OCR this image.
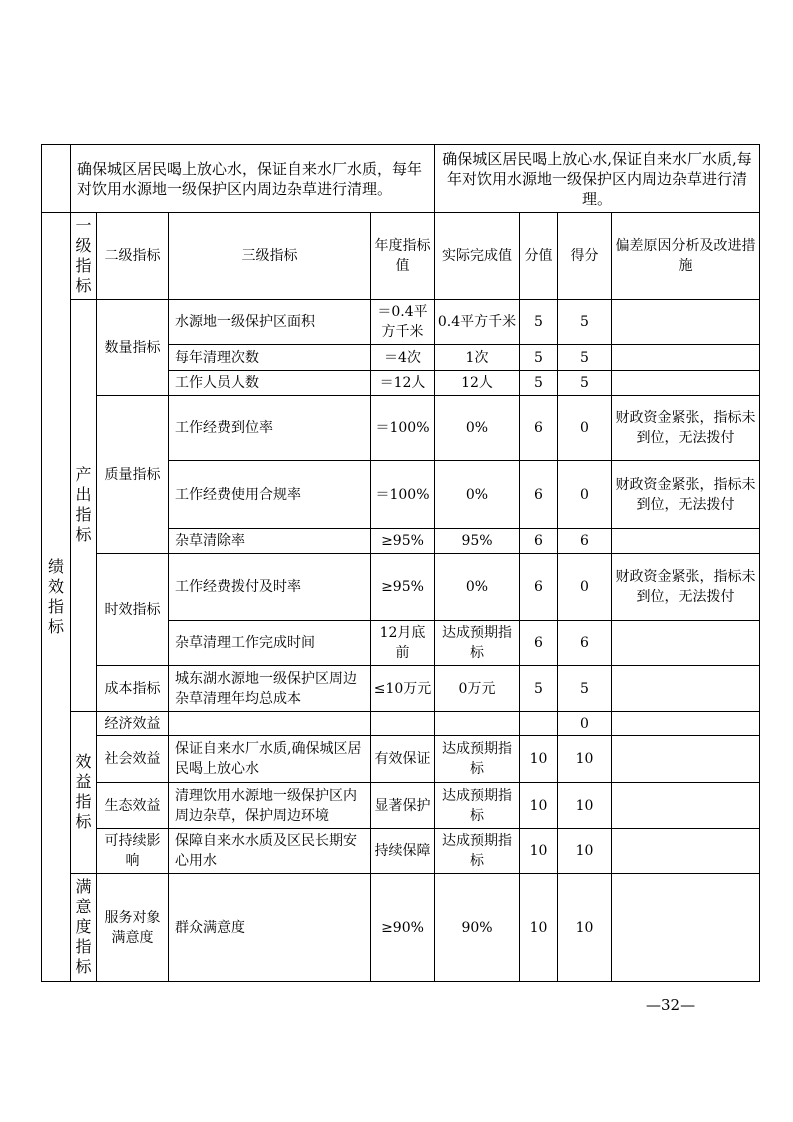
	确保城区居民喝上放心水，保证自来水厂水质，每年对饮用水源地一级保护区内周边杂草进行清理。				确保城区居民喝上放心水,保证自来水厂水质,每年对饮用水源地一级保护区内周边杂草进行清理。			
绩效指标	一级指标	二级指标	三级指标	年度指标值	实际完成值	分值	得分	偏差原因分析及改进措施
	产出指标	数量指标	水源地一级保护区面积	＝0.4平方千米	0.4平方千米	5	5	
			每年清理次数	＝4次	1次	5	5	
			工作人员人数	＝12人	12人	5	5	
		质量指标	工作经费到位率	＝100%	0%	6	0	财政资金紧张，指标未到位，无法拨付
			工作经费使用合规率	＝100%	0%	6	0	财政资金紧张，指标未到位，无法拨付
			杂草清除率	≥95%	95%	6	6	
		时效指标	工作经费拨付及时率	≥95%	0%	6	0	财政资金紧张，指标未到位，无法拨付
			杂草清理工作完成时间	12月底前	达成预期指标	6	6	
		成本指标	城东湖水源地一级保护区周边杂草清理年均总成本	≤10万元	0万元	5	5	
	效益指标	经济效益					0	
		社会效益	保证自来水厂水质,确保城区居民喝上放心水	有效保证	达成预期指标	10	10	
		生态效益	清理饮用水源地一级保护区内周边杂草，保护周边环境	显著保护	达成预期指标	10	10	
		可持续影响	保障自来水水质及区民长期安心用水	持续保障	达成预期指标	10	10	
	满意度指标	服务对象满意度	群众满意度	≥90%	90%	10	10	
—32—
